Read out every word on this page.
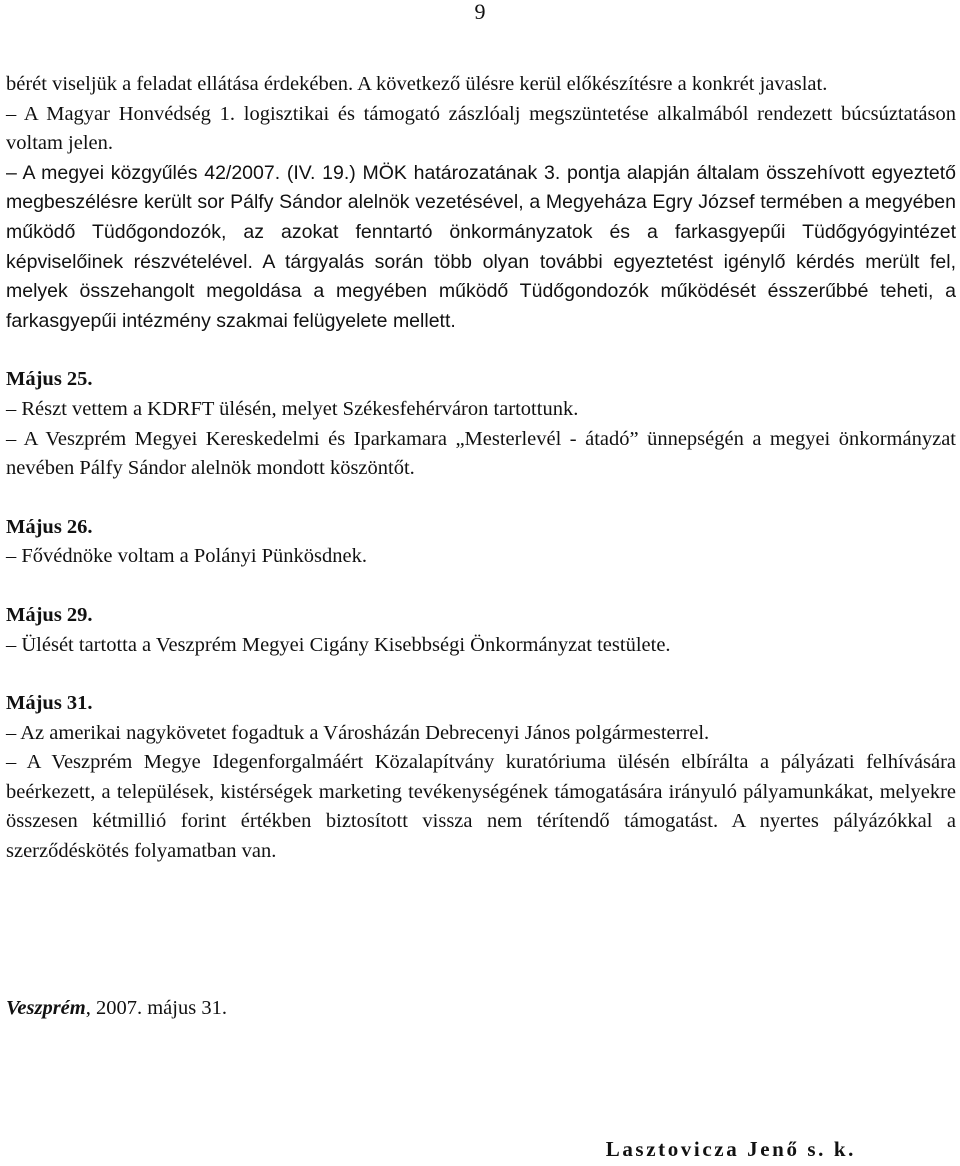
9

bérét viseljük a feladat ellátása érdekében. A következő ülésre kerül előkészítésre a konkrét javaslat.

– A Magyar Honvédség 1. logisztikai és támogató zászlóalj megszüntetése alkalmából rendezett búcsúztatáson voltam jelen.

– A megyei közgyűlés 42/2007. (IV. 19.) MÖK határozatának 3. pontja alapján általam összehívott egyeztető megbeszélésre került sor Pálfy Sándor alelnök vezetésével, a Megyeháza Egry József termében a megyében működő Tüdőgondozók, az azokat fenntartó önkormányzatok és a farkasgyepűi Tüdőgyógyintézet képviselőinek részvételével. A tárgyalás során több olyan további egyeztetést igénylő kérdés merült fel, melyek összehangolt megoldása a megyében működő Tüdőgondozók működését ésszerűbbé teheti, a farkasgyepűi intézmény szakmai felügyelete mellett.

Május 25.

– Részt vettem a KDRFT ülésén, melyet Székesfehérváron tartottunk.

– A Veszprém Megyei Kereskedelmi és Iparkamara „Mesterlevél - átadó” ünnepségén a megyei önkormányzat nevében Pálfy Sándor alelnök mondott köszöntőt.

Május 26.

– Fővédnöke voltam a Polányi Pünkösdnek.

Május 29.

– Ülését tartotta a Veszprém Megyei Cigány Kisebbségi Önkormányzat testülete.

Május 31.

– Az amerikai nagykövetet fogadtuk a Városházán Debrecenyi János polgármesterrel.

– A Veszprém Megye Idegenforgalmáért Közalapítvány kuratóriuma ülésén elbírálta a pályázati felhívására beérkezett, a települések, kistérségek marketing tevékenységének támogatására irányuló pályamunkákat, melyekre összesen kétmillió forint értékben biztosított vissza nem térítendő támogatást. A nyertes pályázókkal a szerződéskötés folyamatban van.

Veszprém, 2007. május 31.
Lasztovicza Jenő s. k.
